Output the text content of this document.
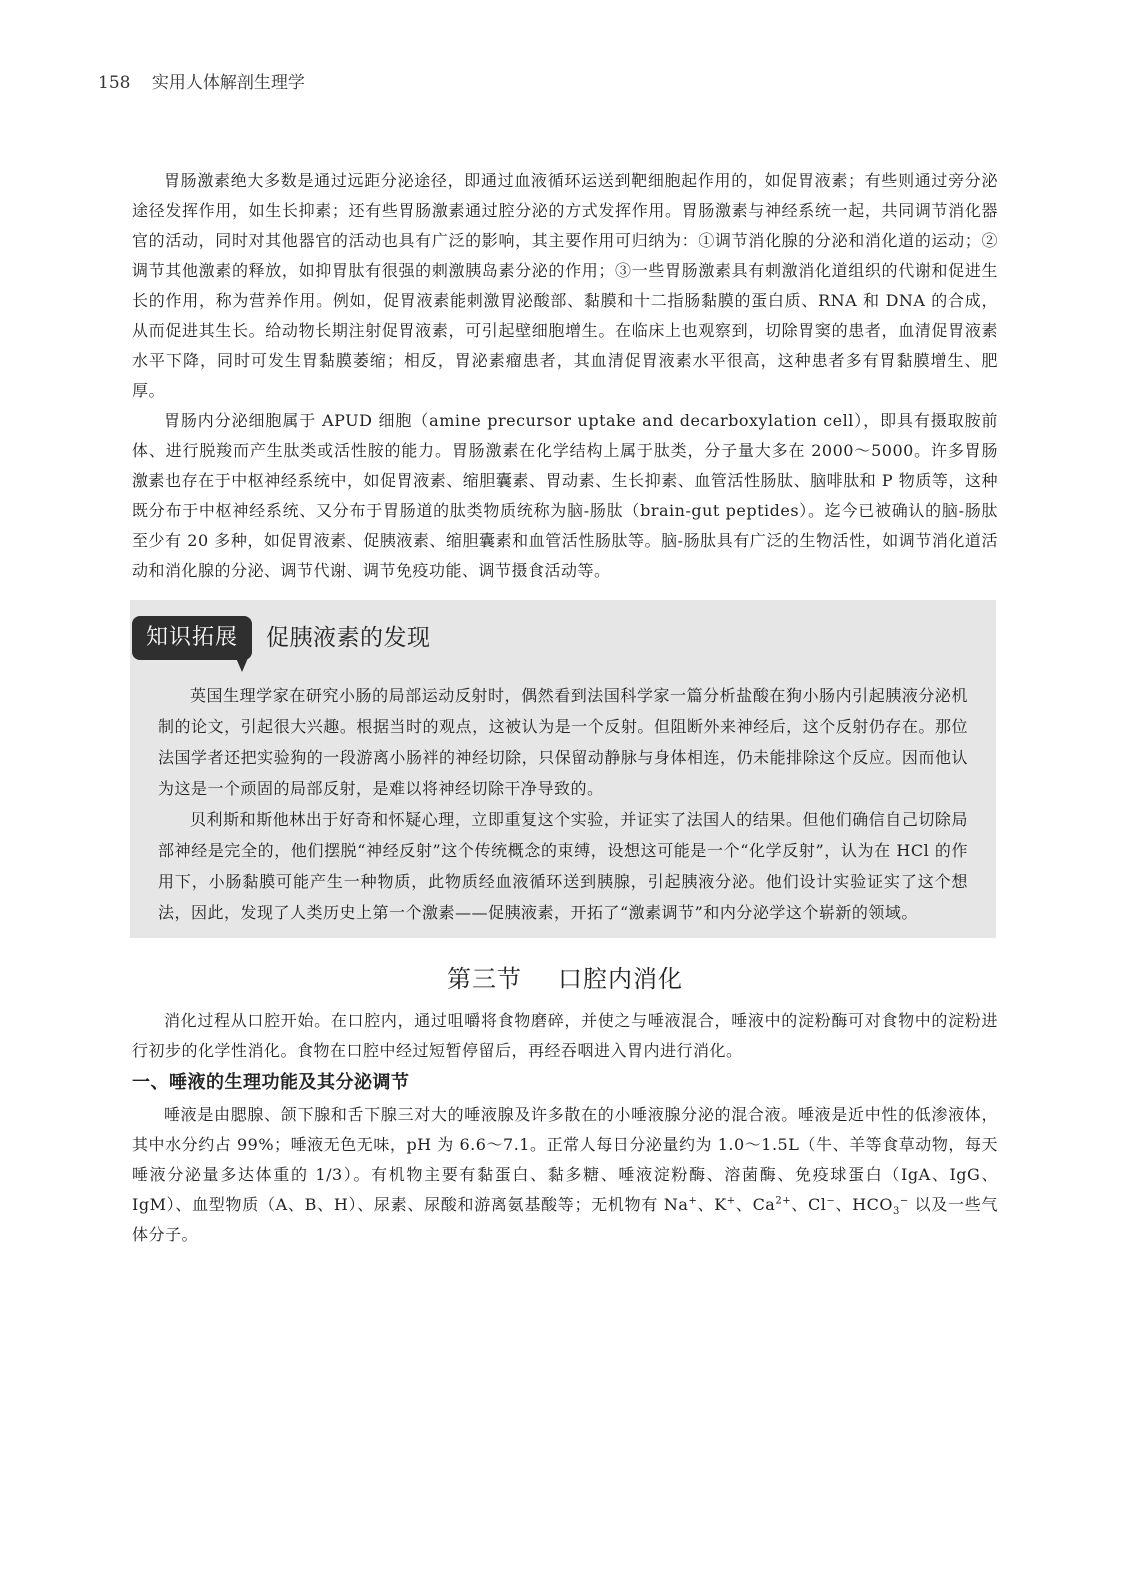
158 实用人体解剖生理学

胃肠激素绝大多数是通过远距分泌途径，即通过血液循环运送到靶细胞起作用的，如促胃液素；有些则通过旁分泌途径发挥作用，如生长抑素；还有些胃肠激素通过腔分泌的方式发挥作用。胃肠激素与神经系统一起，共同调节消化器官的活动，同时对其他器官的活动也具有广泛的影响，其主要作用可归纳为：①调节消化腺的分泌和消化道的运动；②调节其他激素的释放，如抑胃肽有很强的刺激胰岛素分泌的作用；③一些胃肠激素具有刺激消化道组织的代谢和促进生长的作用，称为营养作用。例如，促胃液素能刺激胃泌酸部、黏膜和十二指肠黏膜的蛋白质、RNA 和 DNA 的合成，从而促进其生长。给动物长期注射促胃液素，可引起壁细胞增生。在临床上也观察到，切除胃窦的患者，血清促胃液素水平下降，同时可发生胃黏膜萎缩；相反，胃泌素瘤患者，其血清促胃液素水平很高，这种患者多有胃黏膜增生、肥厚。

胃肠内分泌细胞属于 APUD 细胞（amine precursor uptake and decarboxylation cell），即具有摄取胺前体、进行脱羧而产生肽类或活性胺的能力。胃肠激素在化学结构上属于肽类，分子量大多在 2000～5000。许多胃肠激素也存在于中枢神经系统中，如促胃液素、缩胆囊素、胃动素、生长抑素、血管活性肠肽、脑啡肽和 P 物质等，这种既分布于中枢神经系统、又分布于胃肠道的肽类物质统称为脑-肠肽（brain-gut peptides）。迄今已被确认的脑-肠肽至少有 20 多种，如促胃液素、促胰液素、缩胆囊素和血管活性肠肽等。脑-肠肽具有广泛的生物活性，如调节消化道活动和消化腺的分泌、调节代谢、调节免疫功能、调节摄食活动等。

知识拓展	促胰液素的发现

英国生理学家在研究小肠的局部运动反射时，偶然看到法国科学家一篇分析盐酸在狗小肠内引起胰液分泌机制的论文，引起很大兴趣。根据当时的观点，这被认为是一个反射。但阻断外来神经后，这个反射仍存在。那位法国学者还把实验狗的一段游离小肠袢的神经切除，只保留动静脉与身体相连，仍未能排除这个反应。因而他认为这是一个顽固的局部反射，是难以将神经切除干净导致的。

贝利斯和斯他林出于好奇和怀疑心理，立即重复这个实验，并证实了法国人的结果。但他们确信自己切除局部神经是完全的，他们摆脱“神经反射”这个传统概念的束缚，设想这可能是一个“化学反射”，认为在 HCl 的作用下，小肠黏膜可能产生一种物质，此物质经血液循环送到胰腺，引起胰液分泌。他们设计实验证实了这个想法，因此，发现了人类历史上第一个激素——促胰液素，开拓了“激素调节”和内分泌学这个崭新的领域。

第三节 口腔内消化

消化过程从口腔开始。在口腔内，通过咀嚼将食物磨碎，并使之与唾液混合，唾液中的淀粉酶可对食物中的淀粉进行初步的化学性消化。食物在口腔中经过短暂停留后，再经吞咽进入胃内进行消化。

一、唾液的生理功能及其分泌调节

唾液是由腮腺、颌下腺和舌下腺三对大的唾液腺及许多散在的小唾液腺分泌的混合液。唾液是近中性的低渗液体，其中水分约占 99%；唾液无色无味，pH 为 6.6～7.1。正常人每日分泌量约为 1.0～1.5L（牛、羊等食草动物，每天唾液分泌量多达体重的 1/3）。有机物主要有黏蛋白、黏多糖、唾液淀粉酶、溶菌酶、免疫球蛋白（IgA、IgG、IgM）、血型物质（A、B、H）、尿素、尿酸和游离氨基酸等；无机物有 Na+、K+、$Ca^{2+}$、Cl−、$HCO_3^-$ 以及一些气体分子。
